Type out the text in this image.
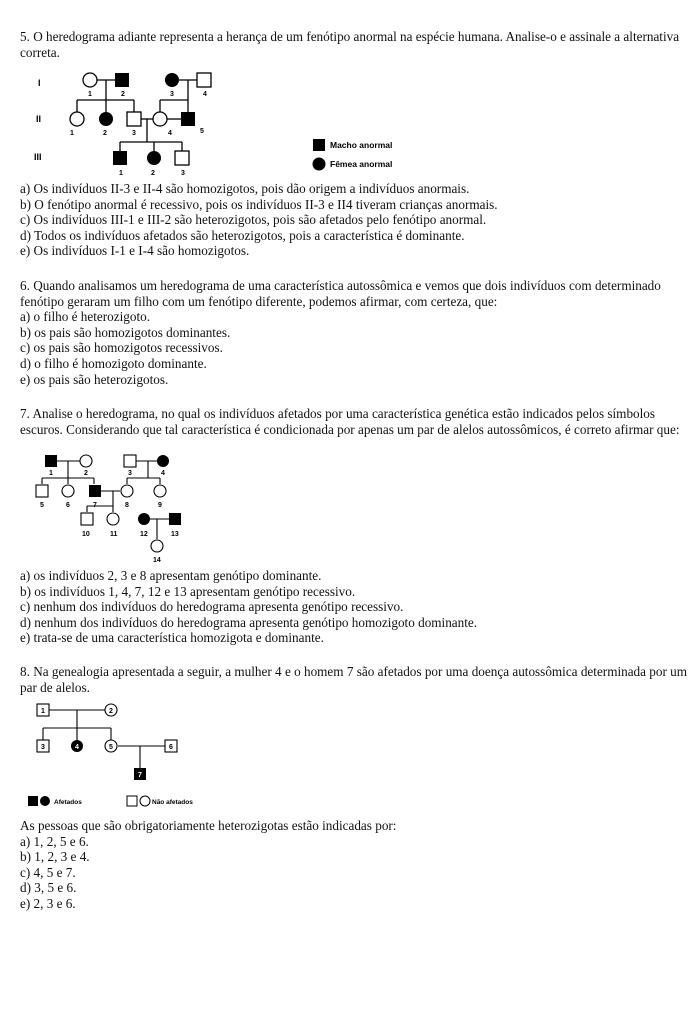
5. O heredograma adiante representa a herança de um fenótipo anormal na espécie humana. Analise-o e assinale a alternativa correta.

I
II
III
1	2	3	4
1	2	3	4	5
1	2	3
Macho anormal
Fêmea anormal

a) Os indivíduos II-3 e II-4 são homozigotos, pois dão origem a indivíduos anormais.

b) O fenótipo anormal é recessivo, pois os indivíduos II-3 e II4 tiveram crianças anormais.

c) Os indivíduos III-1 e III-2 são heterozigotos, pois são afetados pelo fenótipo anormal.

d) Todos os indivíduos afetados são heterozigotos, pois a característica é dominante.

e) Os indivíduos I-1 e I-4 são homozigotos.

6. Quando analisamos um heredograma de uma característica autossômica e vemos que dois indivíduos com determinado fenótipo geraram um filho com um fenótipo diferente, podemos afirmar, com certeza, que:

a) o filho é heterozigoto.

b) os pais são homozigotos dominantes.

c) os pais são homozigotos recessivos.

d) o filho é homozigoto dominante.

e) os pais são heterozigotos.

7. Analise o heredograma, no qual os indivíduos afetados por uma característica genética estão indicados pelos símbolos escuros. Considerando que tal característica é condicionada por apenas um par de alelos autossômicos, é correto afirmar que:

1	2	3	4
5	6	7	8	9
10	11	12	13
14

a) os indivíduos 2, 3 e 8 apresentam genótipo dominante.

b) os indivíduos 1, 4, 7, 12 e 13 apresentam genótipo recessivo.

c) nenhum dos indivíduos do heredograma apresenta genótipo recessivo.

d) nenhum dos indivíduos do heredograma apresenta genótipo homozigoto dominante.

e) trata-se de uma característica homozigota e dominante.

8. Na genealogia apresentada a seguir, a mulher 4 e o homem 7 são afetados por uma doença autossômica determinada por um par de alelos.

1	2
3	4	5	6
7
Afetados	Não afetados

As pessoas que são obrigatoriamente heterozigotas estão indicadas por:

a) 1, 2, 5 e 6.

b) 1, 2, 3 e 4.

c) 4, 5 e 7.

d) 3, 5 e 6.

e) 2, 3 e 6.
